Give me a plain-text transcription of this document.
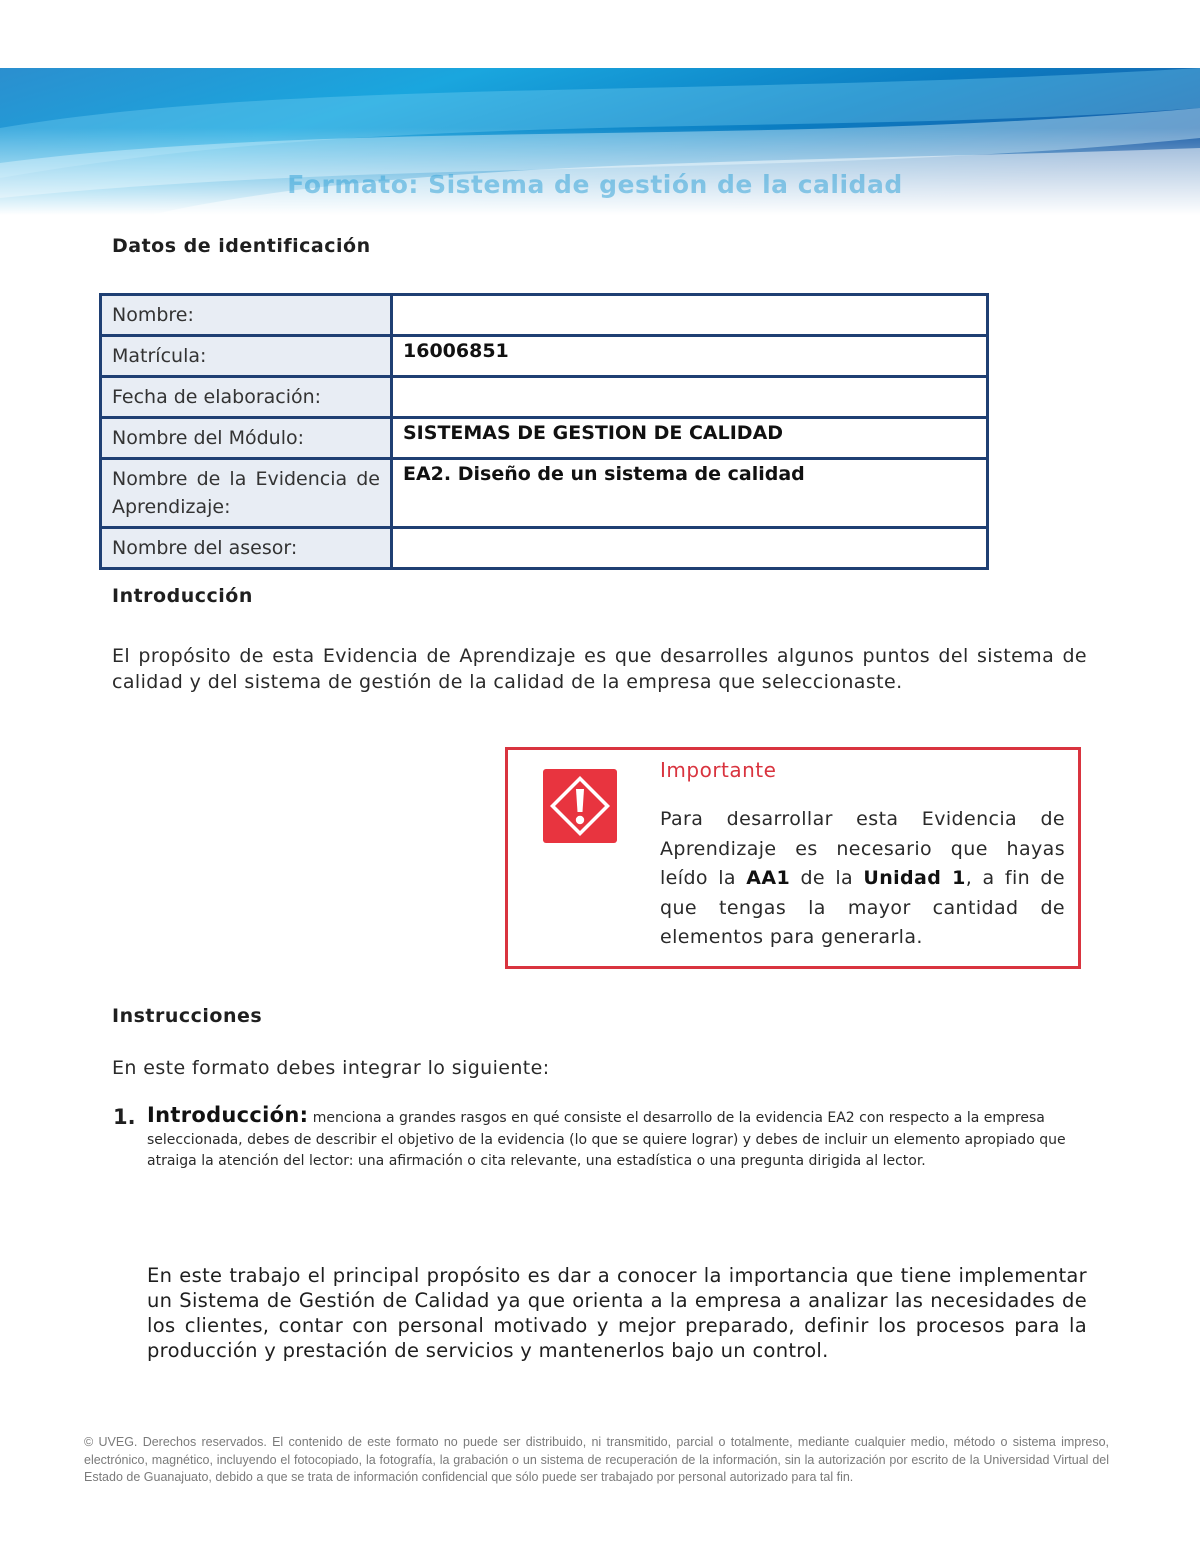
Formato: Sistema de gestión de la calidad
Datos de identificación
Nombre:	
Matrícula:	16006851
Fecha de elaboración:	
Nombre del Módulo:	SISTEMAS DE GESTION DE CALIDAD
Nombre de la Evidencia de Aprendizaje:	EA2. Diseño de un sistema de calidad
Nombre del asesor:	
Introducción
El propósito de esta Evidencia de Aprendizaje es que desarrolles algunos puntos del sistema de calidad y del sistema de gestión de la calidad de la empresa que seleccionaste.
Importante
Para desarrollar esta Evidencia de Aprendizaje es necesario que hayas leído la AA1 de la Unidad 1, a fin de que tengas la mayor cantidad de elementos para generarla.
Instrucciones
En este formato debes integrar lo siguiente:
1. Introducción: menciona a grandes rasgos en qué consiste el desarrollo de la evidencia EA2 con respecto a la empresa seleccionada, debes de describir el objetivo de la evidencia (lo que se quiere lograr) y debes de incluir un elemento apropiado que atraiga la atención del lector: una afirmación o cita relevante, una estadística o una pregunta dirigida al lector.
En este trabajo el principal propósito es dar a conocer la importancia que tiene implementar un Sistema de Gestión de Calidad ya que orienta a la empresa a analizar las necesidades de los clientes, contar con personal motivado y mejor preparado, definir los procesos para la producción y prestación de servicios y mantenerlos bajo un control.
© UVEG. Derechos reservados. El contenido de este formato no puede ser distribuido, ni transmitido, parcial o totalmente, mediante cualquier medio, método o sistema impreso, electrónico, magnético, incluyendo el fotocopiado, la fotografía, la grabación o un sistema de recuperación de la información, sin la autorización por escrito de la Universidad Virtual del Estado de Guanajuato, debido a que se trata de información confidencial que sólo puede ser trabajado por personal autorizado para tal fin.
